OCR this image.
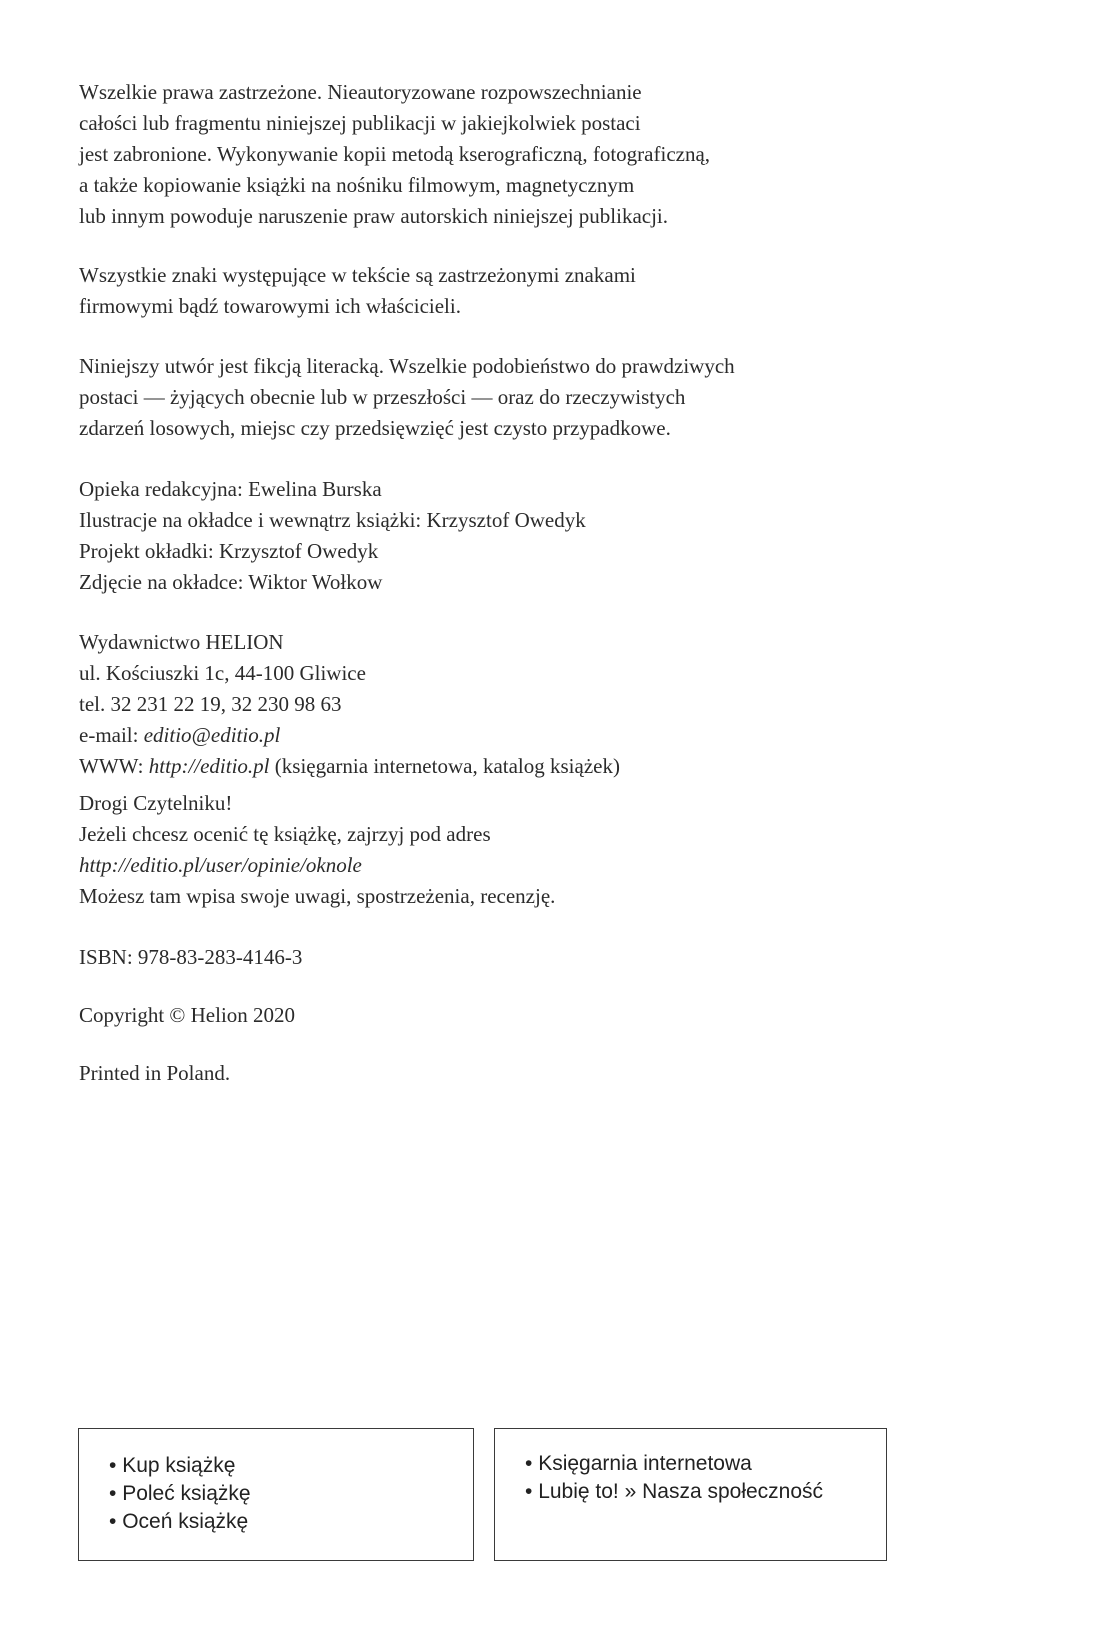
Wszelkie prawa zastrzeżone. Nieautoryzowane rozpowszechnianie
całości lub fragmentu niniejszej publikacji w jakiejkolwiek postaci
jest zabronione. Wykonywanie kopii metodą kserograficzną, fotograficzną,
a także kopiowanie książki na nośniku filmowym, magnetycznym
lub innym powoduje naruszenie praw autorskich niniejszej publikacji.
Wszystkie znaki występujące w tekście są zastrzeżonymi znakami
firmowymi bądź towarowymi ich właścicieli.
Niniejszy utwór jest fikcją literacką. Wszelkie podobieństwo do prawdziwych
postaci — żyjących obecnie lub w przeszłości — oraz do rzeczywistych
zdarzeń losowych, miejsc czy przedsięwzięć jest czysto przypadkowe.
Opieka redakcyjna: Ewelina Burska
Ilustracje na okładce i wewnątrz książki: Krzysztof Owedyk
Projekt okładki: Krzysztof Owedyk
Zdjęcie na okładce: Wiktor Wołkow
Wydawnictwo HELION
ul. Kościuszki 1c, 44-100 Gliwice
tel. 32 231 22 19, 32 230 98 63
e-mail: editio@editio.pl
WWW: http://editio.pl (księgarnia internetowa, katalog książek)
Drogi Czytelniku!
Jeżeli chcesz ocenić tę książkę, zajrzyj pod adres
http://editio.pl/user/opinie/oknole
Możesz tam wpisa swoje uwagi, spostrzeżenia, recenzję.
ISBN: 978-83-283-4146-3
Copyright © Helion 2020
Printed in Poland.
• Kup książkę
• Poleć książkę
• Oceń książkę
• Księgarnia internetowa
• Lubię to! » Nasza społeczność
